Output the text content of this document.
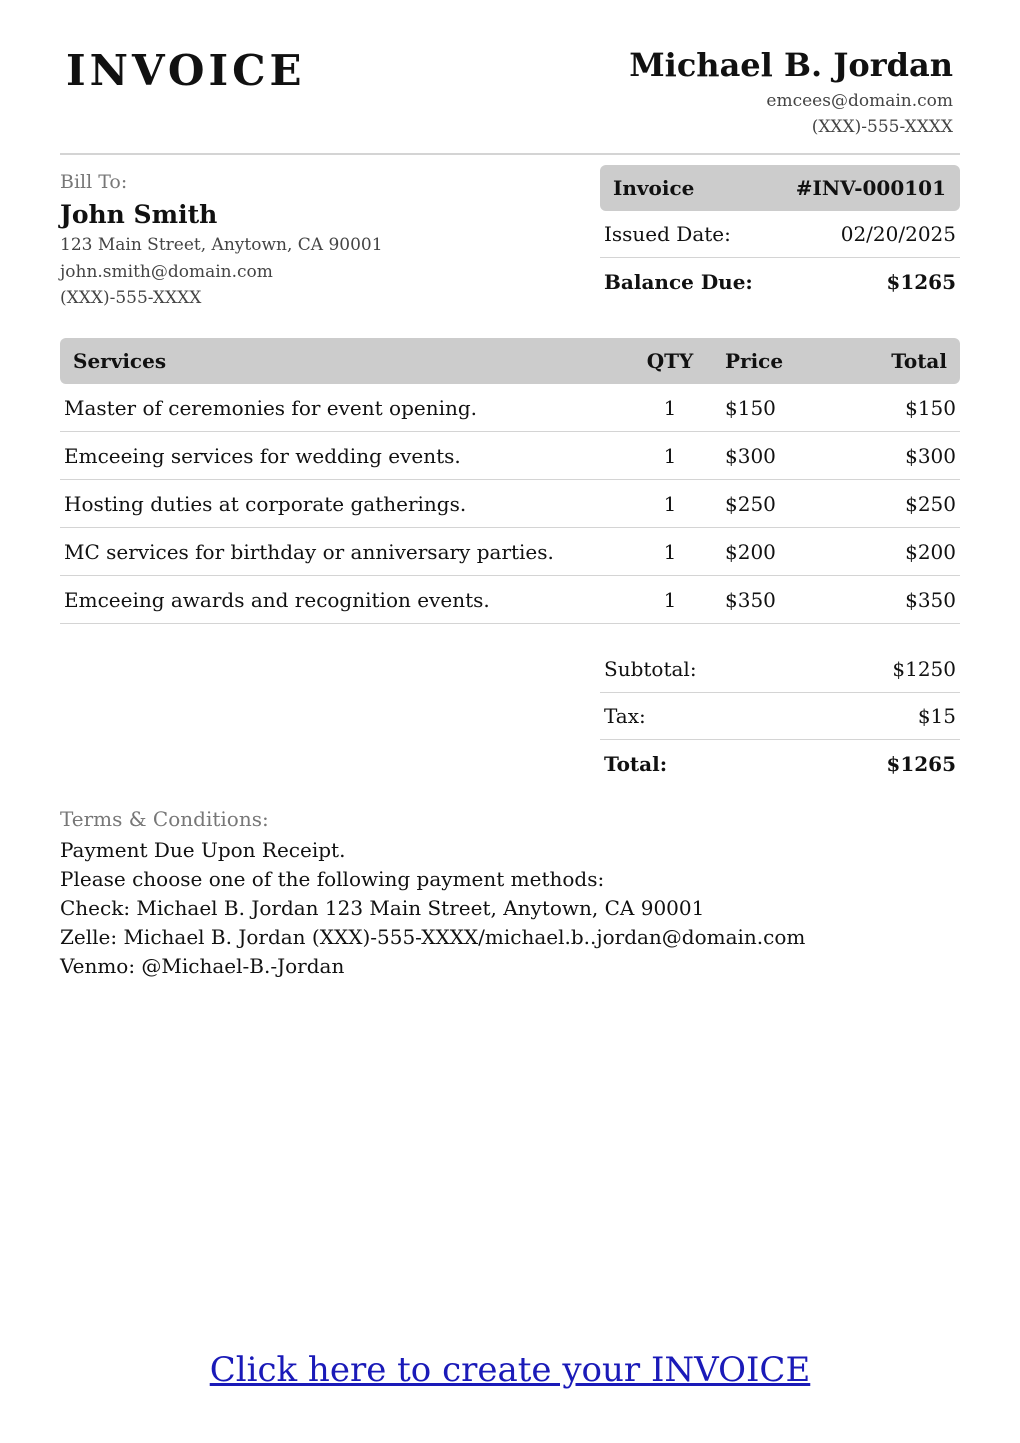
INVOICE	Michael B. Jordan
emcees@domain.com
(XXX)-555-XXXX
Bill To:
John Smith
123 Main Street, Anytown, CA 90001
john.smith@domain.com
(XXX)-555-XXXX
Invoice	#INV-000101
Issued Date:	02/20/2025
Balance Due:	$1265
Services	QTY	Price	Total
Master of ceremonies for event opening.	1	$150	$150
Emceeing services for wedding events.	1	$300	$300
Hosting duties at corporate gatherings.	1	$250	$250
MC services for birthday or anniversary parties.	1	$200	$200
Emceeing awards and recognition events.	1	$350	$350
Subtotal:	$1250
Tax:	$15
Total:	$1265
Terms & Conditions:
Payment Due Upon Receipt.
Please choose one of the following payment methods:
Check: Michael B. Jordan 123 Main Street, Anytown, CA 90001
Zelle: Michael B. Jordan (XXX)-555-XXXX/michael.b..jordan@domain.com
Venmo: @Michael-B.-Jordan
Click here to create your INVOICE
